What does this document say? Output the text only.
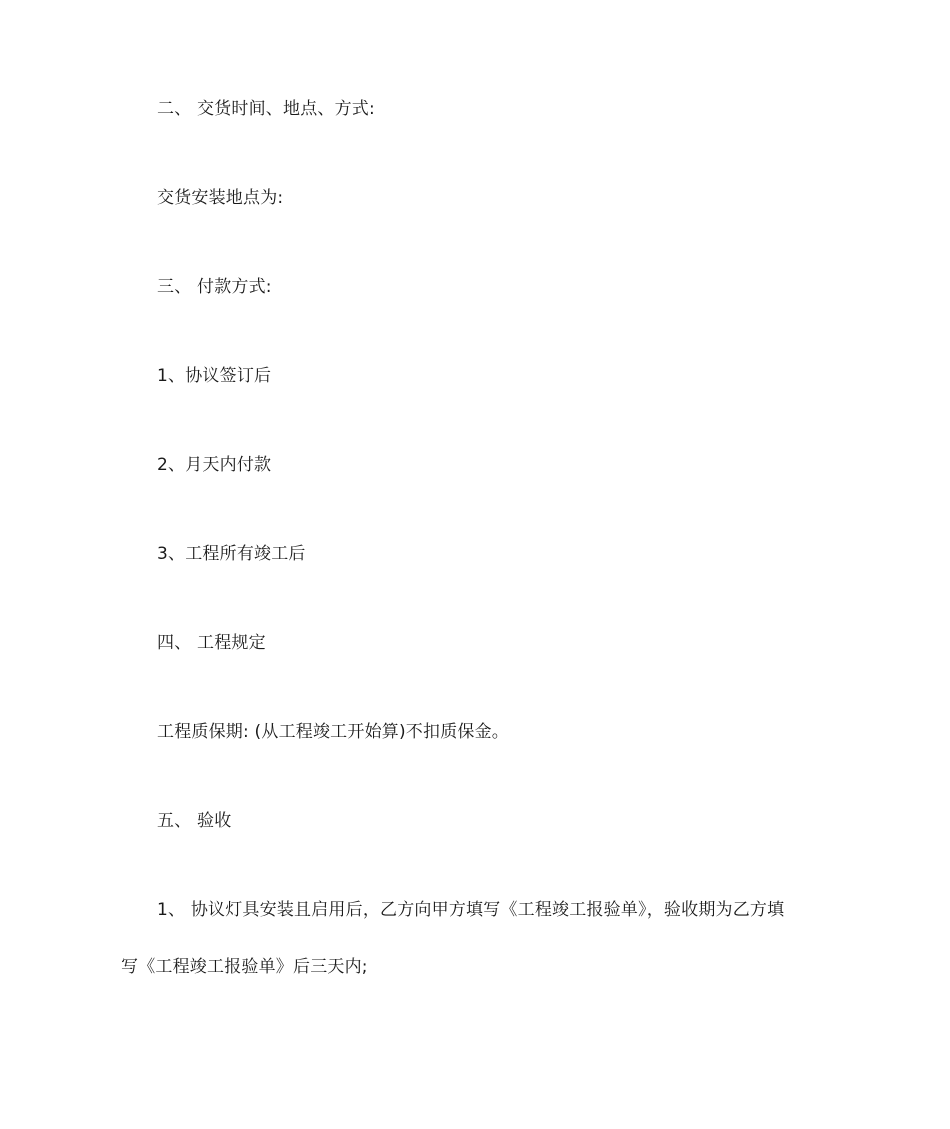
二、 交货时间、地点、方式:
交货安装地点为:
三、 付款方式:
1、协议签订后
2、月天内付款
3、工程所有竣工后
四、 工程规定
工程质保期: (从工程竣工开始算)不扣质保金。
五、 验收
1、 协议灯具安装且启用后，乙方向甲方填写《工程竣工报验单》，验收期为乙方填
写《工程竣工报验单》后三天内;
